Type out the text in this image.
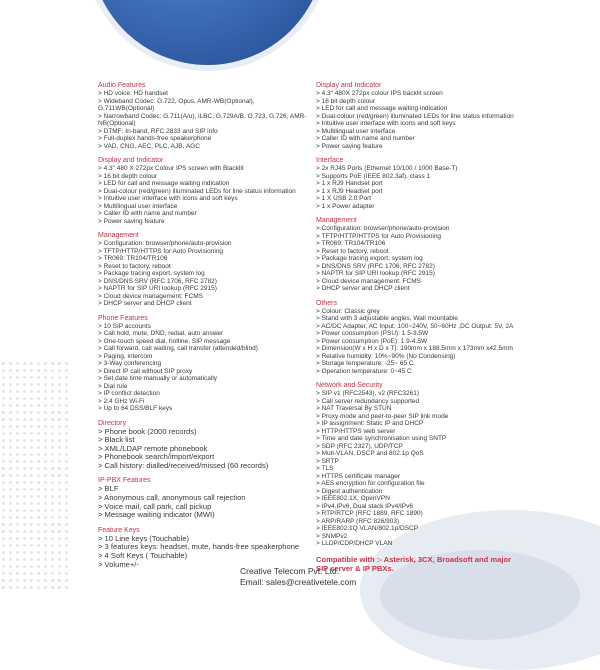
Audio Features
> HD voice: HD handset
> Wideband Codec: G.722, Opus, AMR-WB(Optional), G.711WB(Optional)
> Narrowband Codec: G.711(A/u), iLBC, G.729A/B, G.723, G.726, AMR-NB(Optional)
> DTMF: In-band, RFC 2833 and SIP info
> Full-duplex hands-free speakerphone
> VAD, CNG, AEC, PLC, AJB, AGC
Display and Indicator
> 4.3" 480 X 272px Colour IPS screen with Blacklit
> 16 bit depth colour
> LED for call and message waiting indication
> Dual-colour (red/green) illuminated LEDs for line status information
> Intuitive user interface with icons and soft keys
> Multilingual user interface
> Caller ID with name and number
> Power saving feature
Management
> Configuration: browser/phone/auto-provision
> TFTP/HTTP/HTTPS for Auto Provisioning
> TR069: TR104/TR106
> Reset to factory, reboot
> Package tracing export, system log
> DNS/DNS SRV (RFC 1706, RFC 2782)
> NAPTR for SIP URI lookup (RFC 2915)
> Cloud device management: FCMS
> DHCP server and DHCP client
Phone Features
> 10 SIP accounts
> Call hold, mute, DND, redial, auto answer
> One-touch speed dial, hotline, SIP message
> Call forward, call waiting, call transfer (attended/blind)
> Paging, intercom
> 3-Way conferencing
> Direct IP call without SIP proxy
> Set date time manually or automatically
> Dial rule
> IP conflict detection
> 2.4 GHz Wi-Fi
> Up to 64 DSS/BLF keys
Directory
> Phone book (2000 records)
> Black list
> XML/LDAP remote phonebook
> Phonebook search/import/export
> Call history: dialled/received/missed (60 records)
IP-PBX Features
> BLF
> Anonymous call, anonymous call rejection
> Voice mail, call park, call pickup
> Message waiting indicator (MWI)
Feature Keys
> 10 Line keys (Touchable)
> 3 features keys: headset, mute, hands-free speakerphone
> 4 Soft Keys ( Touchable)
> Volume+/-
Display and Indicator
> 4.3" 480X 272px colour IPS backlit screen
> 16 bit depth colour
> LED for call and message waiting indication
> Dual-colour (red/green) illuminated LEDs for line status information
> Intuitive user interface with icons and soft keys
> Multilingual user interface
> Caller ID with name and number
> Power saving feature
Interface
> 2x RJ45 Ports (Ethernet 10/100 / 1000 Base-T)
> Supports PoE (IEEE 802.3af), class 1
> 1 x RJ9 Handset port
> 1 x RJ9 Headset port
> 1 X USB 2.0 Port
> 1 x Power adapter
Management
> Configuration: browser/phone/auto-provision
> TFTP/HTTP/HTTPS for Auto Provisioning
> TR069: TR104/TR106
> Reset to factory, reboot
> Package tracing export, system log
> DNS/DNS SRV (RFC 1706, RFC 2782)
> NAPTR for SIP URI lookup (RFC 2915)
> Cloud device management: FCMS
> DHCP server and DHCP client
Others
> Colour: Classic grey
> Stand with 3 adjustable angles, Wall mountable
> AC/DC Adapter, AC Input: 100~240V, 50~60Hz ,DC Output: 5V, 2A
> Power consumption (PSU): 1.5-3.5W
> Power consumption (PoE): 1.9-4.5W
> Dimension(W x H x D x T): 190mm x 188.5mm x 173mm x42.5mm
> Relative humidity: 10%~90% (No Condensing)
> Storage temperature: -25~ 65 C
> Operation temperature: 0~45 C
Network and Security
> SIP v1 (RFC2543), v2 (RFC3261)
> Call server redundancy supported
> NAT Traversal By STUN
> Proxy mode and peer-to-peer SIP link mode
> IP assignment: Static IP and DHCP
> HTTP/HTTPS web server
> Time and date synchronisation using SNTP
> SDP (RFC 2327), UDP/TCP
> Muti-VLAN, DSCP and 802.1p QoS
> SRTP
> TLS
> HTTPS certificate manager
> AES encryption for configuration file
> Digest authentication
> IEEE802.1X, OpenVPN
> IPv4,IPv6, Dual stack IPv4/IPv6
> RTP/RTCP (RFC 1889, RFC 1890)
> ARP/RARP (RFC 826/903)
> IEEE802.1Q VLAN/802.1p/DSCP
> SNMPv2
> LLDP/CDP/DHCP VLAN
Compatible with :- Asterisk, 3CX, Broadsoft and major SIP server & IP PBXs.
Creative Telecom Pvt. Ltd.
Email: sales@creativetele.com
